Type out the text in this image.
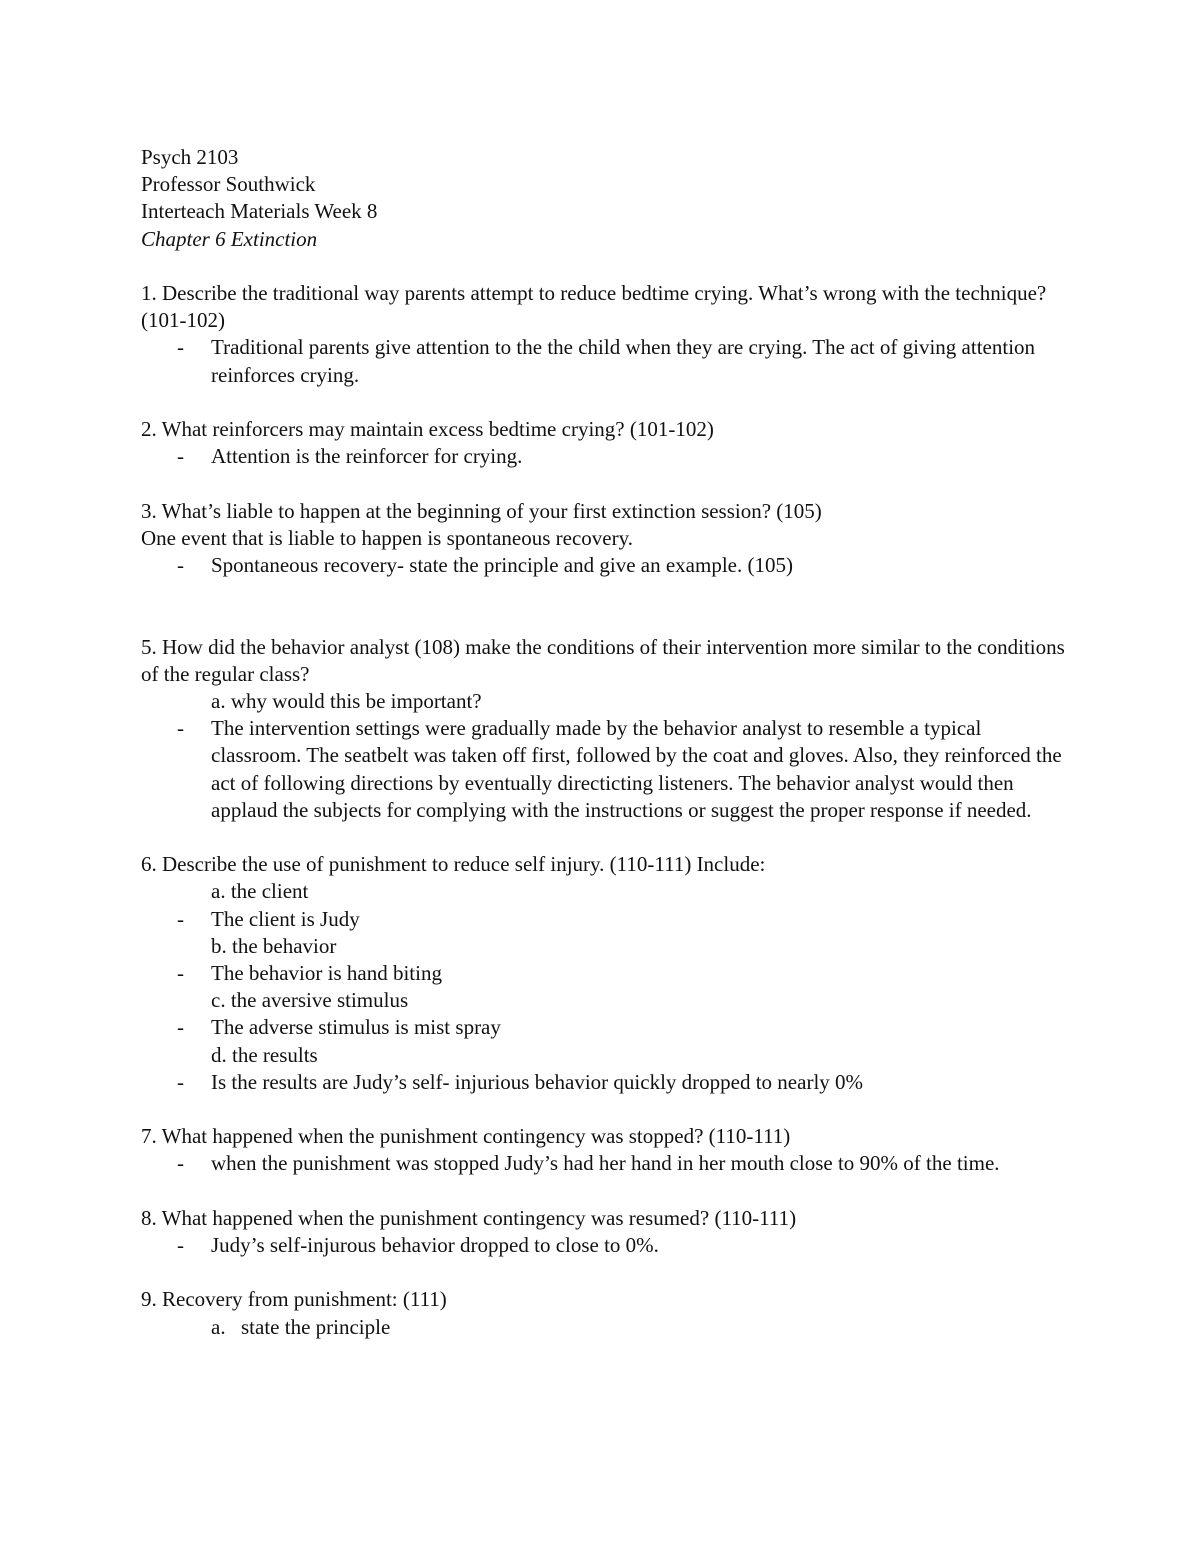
Psych 2103

Professor Southwick

Interteach Materials Week 8

Chapter 6 Extinction

1. Describe the traditional way parents attempt to reduce bedtime crying. What’s wrong with the technique? (101-102)

- Traditional parents give attention to the the child when they are crying. The act of giving attention reinforces crying.

2. What reinforcers may maintain excess bedtime crying? (101-102)

- Attention is the reinforcer for crying.

3. What’s liable to happen at the beginning of your first extinction session? (105)

One event that is liable to happen is spontaneous recovery.

- Spontaneous recovery- state the principle and give an example. (105)

5. How did the behavior analyst (108) make the conditions of their intervention more similar to the conditions of the regular class?

a. why would this be important?

- The intervention settings were gradually made by the behavior analyst to resemble a typical classroom. The seatbelt was taken off first, followed by the coat and gloves. Also, they reinforced the act of following directions by eventually directicting listeners. The behavior analyst would then applaud the subjects for complying with the instructions or suggest the proper response if needed.

6. Describe the use of punishment to reduce self injury. (110-111) Include:

a. the client

- The client is Judy

b. the behavior

- The behavior is hand biting

c. the aversive stimulus

- The adverse stimulus is mist spray

d. the results

- Is the results are Judy’s self- injurious behavior quickly dropped to nearly 0%

7. What happened when the punishment contingency was stopped? (110-111)

- when the punishment was stopped Judy’s had her hand in her mouth close to 90% of the time.

8. What happened when the punishment contingency was resumed? (110-111)

- Judy’s self-injurous behavior dropped to close to 0%.

9. Recovery from punishment: (111)

a. state the principle
